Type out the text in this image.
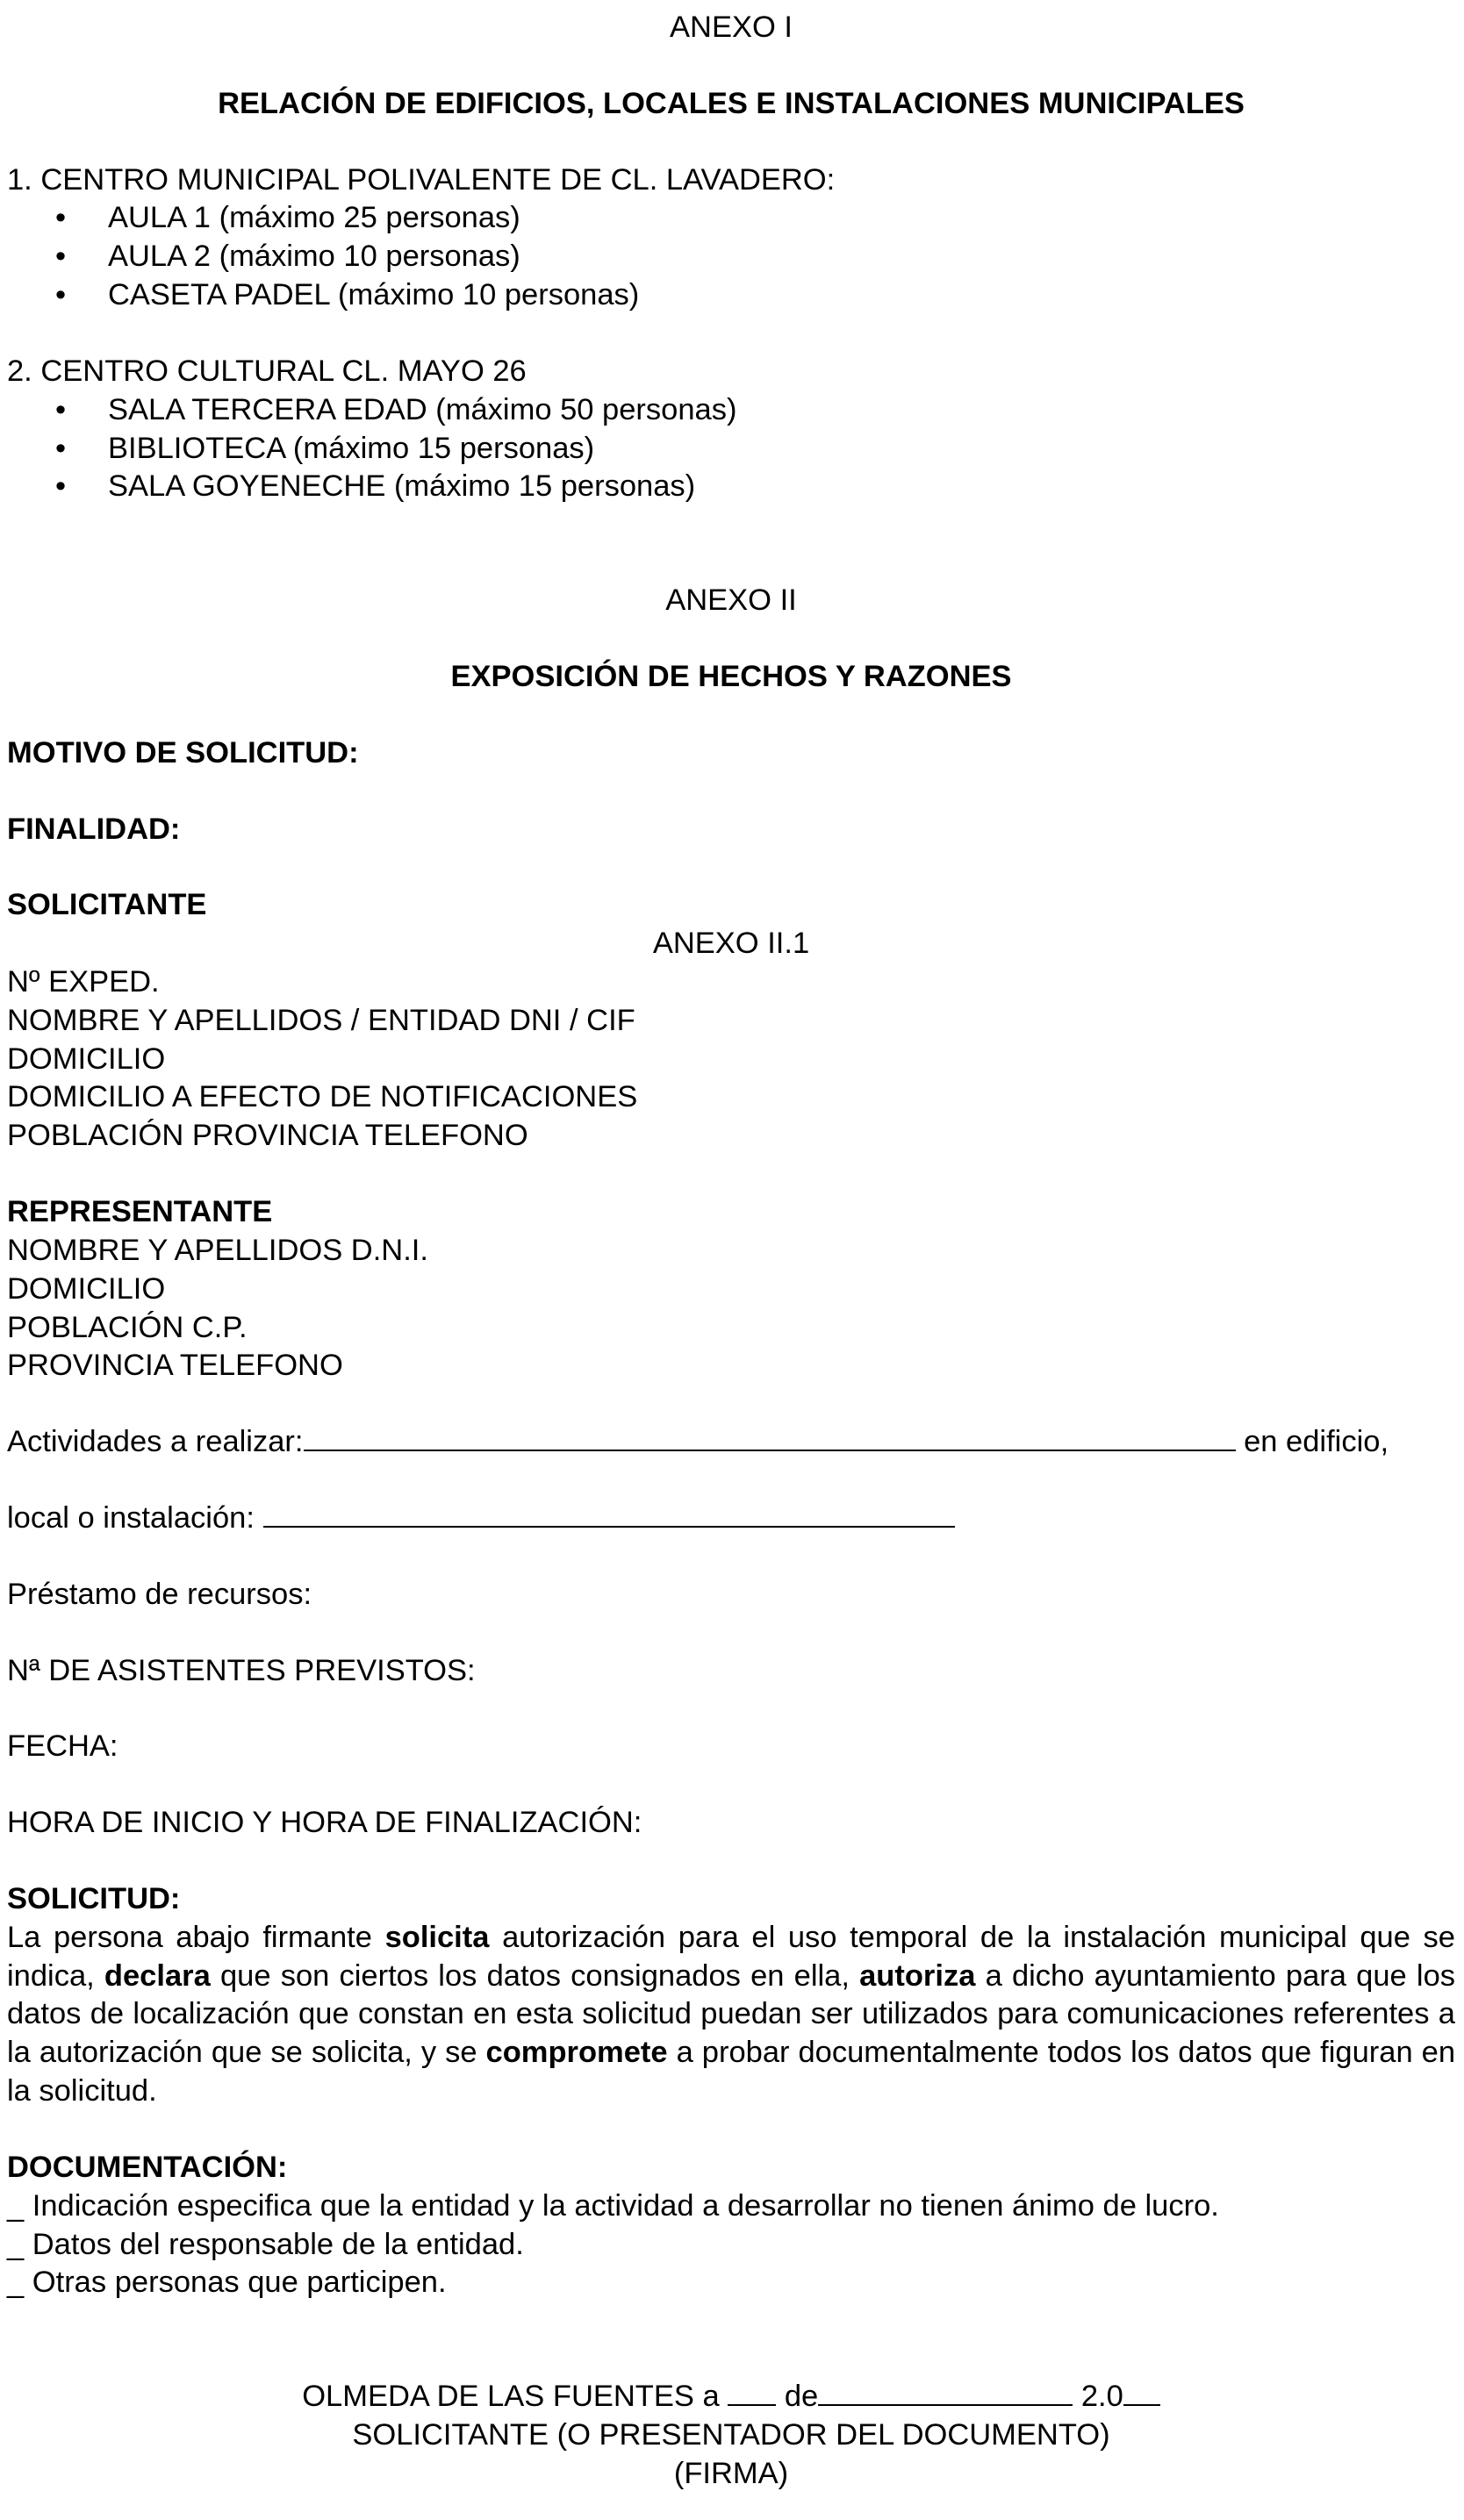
ANEXO I
RELACIÓN DE EDIFICIOS, LOCALES E INSTALACIONES MUNICIPALES
1. CENTRO MUNICIPAL POLIVALENTE DE CL. LAVADERO:
• AULA 1 (máximo 25 personas)
• AULA 2 (máximo 10 personas)
• CASETA PADEL (máximo 10 personas)
2. CENTRO CULTURAL CL. MAYO 26
• SALA TERCERA EDAD (máximo 50 personas)
• BIBLIOTECA (máximo 15 personas)
• SALA GOYENECHE (máximo 15 personas)
ANEXO II
EXPOSICIÓN DE HECHOS Y RAZONES
MOTIVO DE SOLICITUD:
FINALIDAD:
SOLICITANTE
ANEXO II.1
Nº EXPED.
NOMBRE Y APELLIDOS / ENTIDAD DNI / CIF
DOMICILIO
DOMICILIO A EFECTO DE NOTIFICACIONES
POBLACIÓN PROVINCIA TELEFONO
REPRESENTANTE
NOMBRE Y APELLIDOS D.N.I.
DOMICILIO
POBLACIÓN C.P.
PROVINCIA TELEFONO
Actividades a realizar:	en edificio,
local o instalación:
Préstamo de recursos:
Nª DE ASISTENTES PREVISTOS:
FECHA:
HORA DE INICIO Y HORA DE FINALIZACIÓN:
SOLICITUD:
La persona abajo firmante solicita autorización para el uso temporal de la instalación municipal que se indica, declara que son ciertos los datos consignados en ella, autoriza a dicho ayuntamiento para que los datos de localización que constan en esta solicitud puedan ser utilizados para comunicaciones referentes a la autorización que se solicita, y se compromete a probar documentalmente todos los datos que figuran en la solicitud.
DOCUMENTACIÓN:
_ Indicación especifica que la entidad y la actividad a desarrollar no tienen ánimo de lucro.
_ Datos del responsable de la entidad.
_ Otras personas que participen.
OLMEDA DE LAS FUENTES a de	2.0
SOLICITANTE (O PRESENTADOR DEL DOCUMENTO)
(FIRMA)
